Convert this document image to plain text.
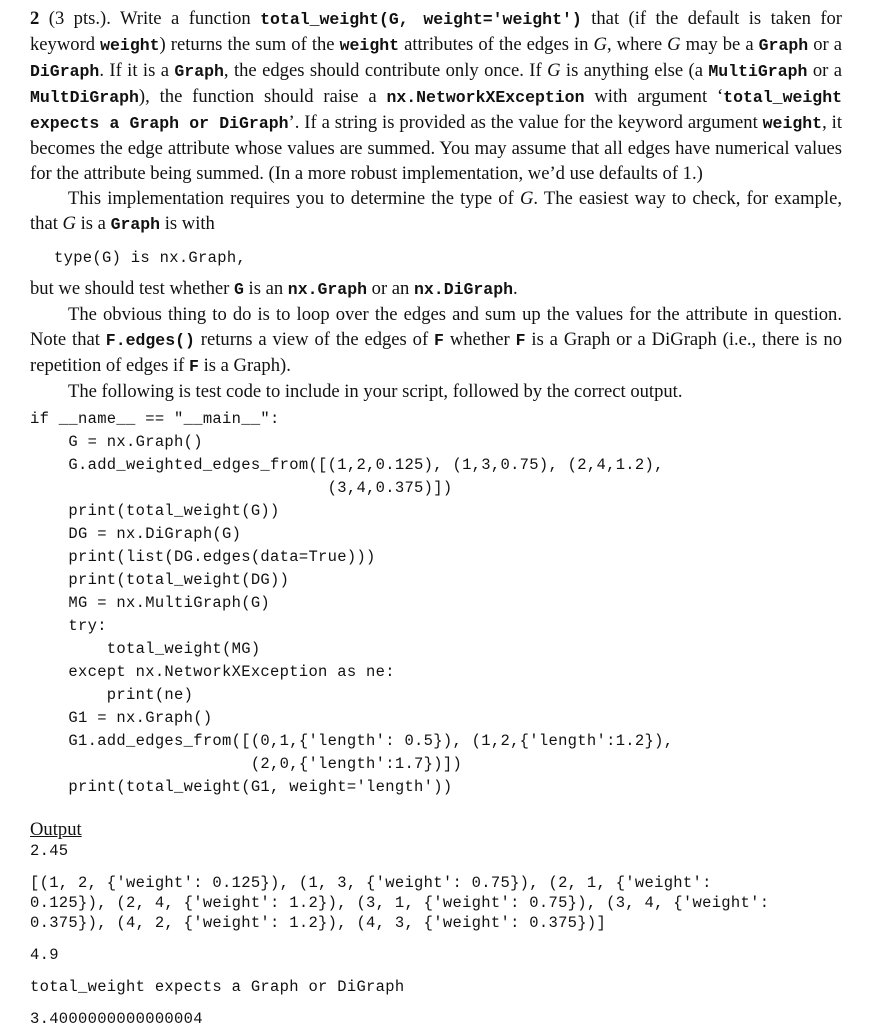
2 (3 pts.). Write a function total_weight(G, weight='weight') that (if the default is taken for keyword weight) returns the sum of the weight attributes of the edges in G, where G may be a Graph or a DiGraph. If it is a Graph, the edges should contribute only once. If G is anything else (a MultiGraph or a MultDiGraph), the function should raise a nx.NetworkXException with argument ‘total_weight expects a Graph or DiGraph’. If a string is provided as the value for the keyword argument weight, it becomes the edge attribute whose values are summed. You may assume that all edges have numerical values for the attribute being summed. (In a more robust implementation, we’d use defaults of 1.)

This implementation requires you to determine the type of G. The easiest way to check, for example, that G is a Graph is with

type(G) is nx.Graph,

but we should test whether G is an nx.Graph or an nx.DiGraph.

The obvious thing to do is to loop over the edges and sum up the values for the attribute in question. Note that F.edges() returns a view of the edges of F whether F is a Graph or a DiGraph (i.e., there is no repetition of edges if F is a Graph).

The following is test code to include in your script, followed by the correct output.

if __name__ == "__main__":
G = nx.Graph()
G.add_weighted_edges_from([(1,2,0.125), (1,3,0.75), (2,4,1.2),
(3,4,0.375)])
print(total_weight(G))
DG = nx.DiGraph(G)
print(list(DG.edges(data=True)))
print(total_weight(DG))
MG = nx.MultiGraph(G)
try:
total_weight(MG)
except nx.NetworkXException as ne:
print(ne)
G1 = nx.Graph()
G1.add_edges_from([(0,1,{'length': 0.5}), (1,2,{'length':1.2}),
(2,0,{'length':1.7})])
print(total_weight(G1, weight='length'))
Output
2.45
[(1, 2, {'weight': 0.125}), (1, 3, {'weight': 0.75}), (2, 1, {'weight':
0.125}), (2, 4, {'weight': 1.2}), (3, 1, {'weight': 0.75}), (3, 4, {'weight':
0.375}), (4, 2, {'weight': 1.2}), (4, 3, {'weight': 0.375})]
4.9
total_weight expects a Graph or DiGraph
3.4000000000000004
